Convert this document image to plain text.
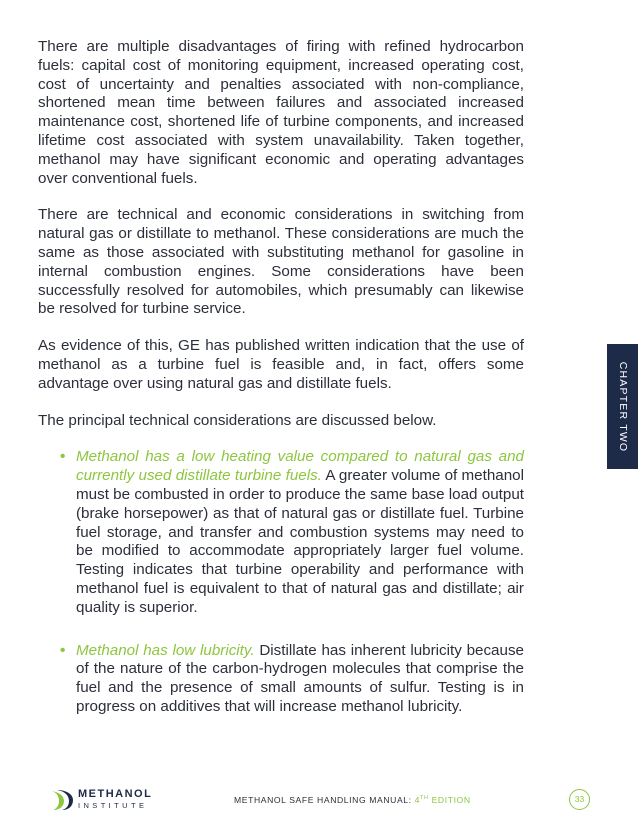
There are multiple disadvantages of firing with refined hydrocarbon fuels: capital cost of monitoring equipment, increased operating cost, cost of uncertainty and penalties associated with non-compliance, shortened mean time between failures and associated increased maintenance cost, shortened life of turbine components, and increased lifetime cost associated with system unavailability. Taken together, methanol may have significant economic and operating advantages over conventional fuels.

There are technical and economic considerations in switching from natural gas or distillate to methanol. These considerations are much the same as those associated with substituting methanol for gasoline in internal combustion engines. Some considerations have been successfully resolved for automobiles, which presumably can likewise be resolved for turbine service.

As evidence of this, GE has published written indication that the use of methanol as a turbine fuel is feasible and, in fact, offers some advantage over using natural gas and distillate fuels.

The principal technical considerations are discussed below.

• Methanol has a low heating value compared to natural gas and currently used distillate turbine fuels. A greater volume of methanol must be combusted in order to produce the same base load output (brake horsepower) as that of natural gas or distillate fuel. Turbine fuel storage, and transfer and combustion systems may need to be modified to accommodate appropriately larger fuel volume. Testing indicates that turbine operability and performance with methanol fuel is equivalent to that of natural gas and distillate; air quality is superior.
• Methanol has low lubricity. Distillate has inherent lubricity because of the nature of the carbon-hydrogen molecules that comprise the fuel and the presence of small amounts of sulfur. Testing is in progress on additives that will increase methanol lubricity.
CHAPTER TWO
METHANOL
INSTITUTE
METHANOL SAFE HANDLING MANUAL: 4TH EDITION	33
